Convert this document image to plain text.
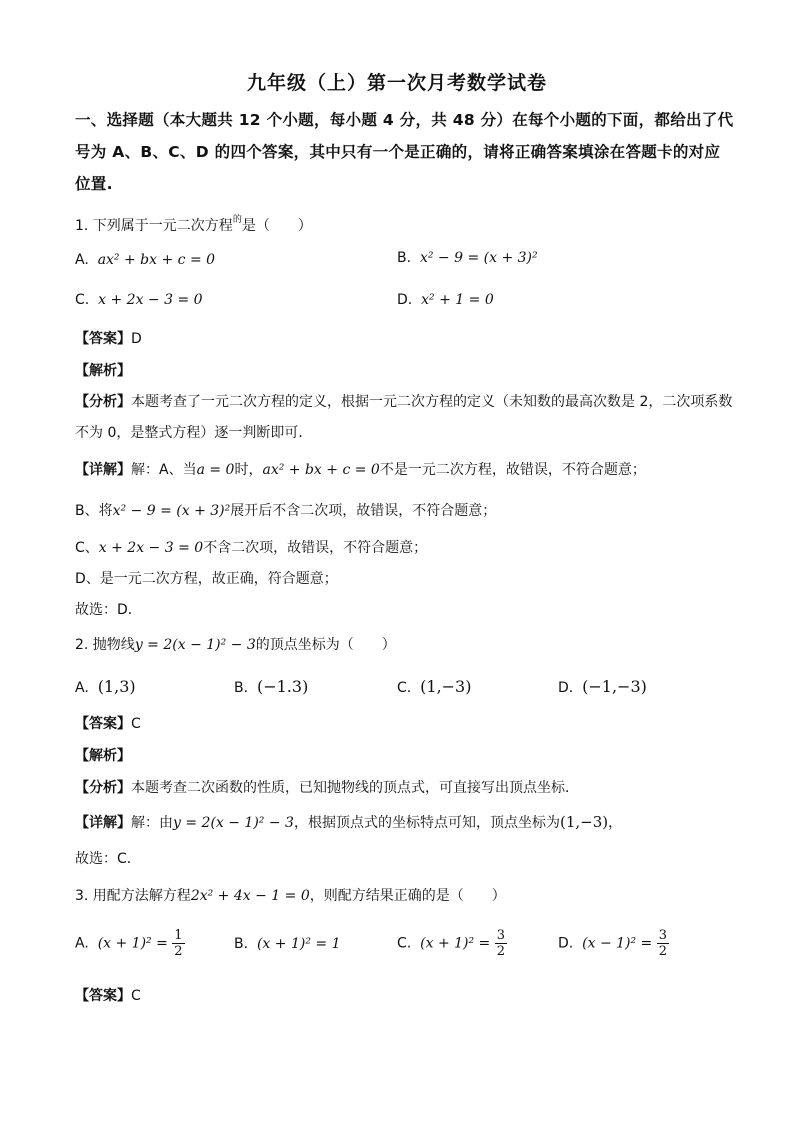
九年级（上）第一次月考数学试卷
一、选择题（本大题共 12 个小题，每小题 4 分，共 48 分）在每个小题的下面，都给出了代
号为 A、B、C、D 的四个答案，其中只有一个是正确的，请将正确答案填涂在答题卡的对应
位置.
1. 下列属于一元二次方程$^的$是（　　）
A. ax² + bx + c = 0	B. x² − 9 = (x + 3)²
C. x + 2x − 3 = 0	D. x² + 1 = 0
【答案】D
【解析】
【分析】本题考查了一元二次方程的定义，根据一元二次方程的定义（未知数的最高次数是 2，二次项系数
不为 0，是整式方程）逐一判断即可．
【详解】解：A、当a = 0时，ax² + bx + c = 0不是一元二次方程，故错误，不符合题意；
B、将x² − 9 = (x + 3)²展开后不含二次项，故错误，不符合题意；
C、x + 2x − 3 = 0不含二次项，故错误，不符合题意；
D、是一元二次方程，故正确，符合题意；
故选：D．
2. 抛物线y = 2(x − 1)² − 3的顶点坐标为（　　）
A. (1,3)	B. (−1.3)	C. (1,−3)	D. (−1,−3)
【答案】C
【解析】
【分析】本题考查二次函数的性质，已知抛物线的顶点式，可直接写出顶点坐标．
【详解】解：由y = 2(x − 1)² − 3，根据顶点式的坐标特点可知，顶点坐标为(1,−3)，
故选：C．
3. 用配方法解方程2x² + 4x − 1 = 0，则配方结果正确的是（　　）
A. $(x + 1)^2 = \frac{1}{2}$	B. (x + 1)² = 1	C. $(x + 1)^2 = \frac{3}{2}$	D. $(x - 1)^2 = \frac{3}{2}$
【答案】C
